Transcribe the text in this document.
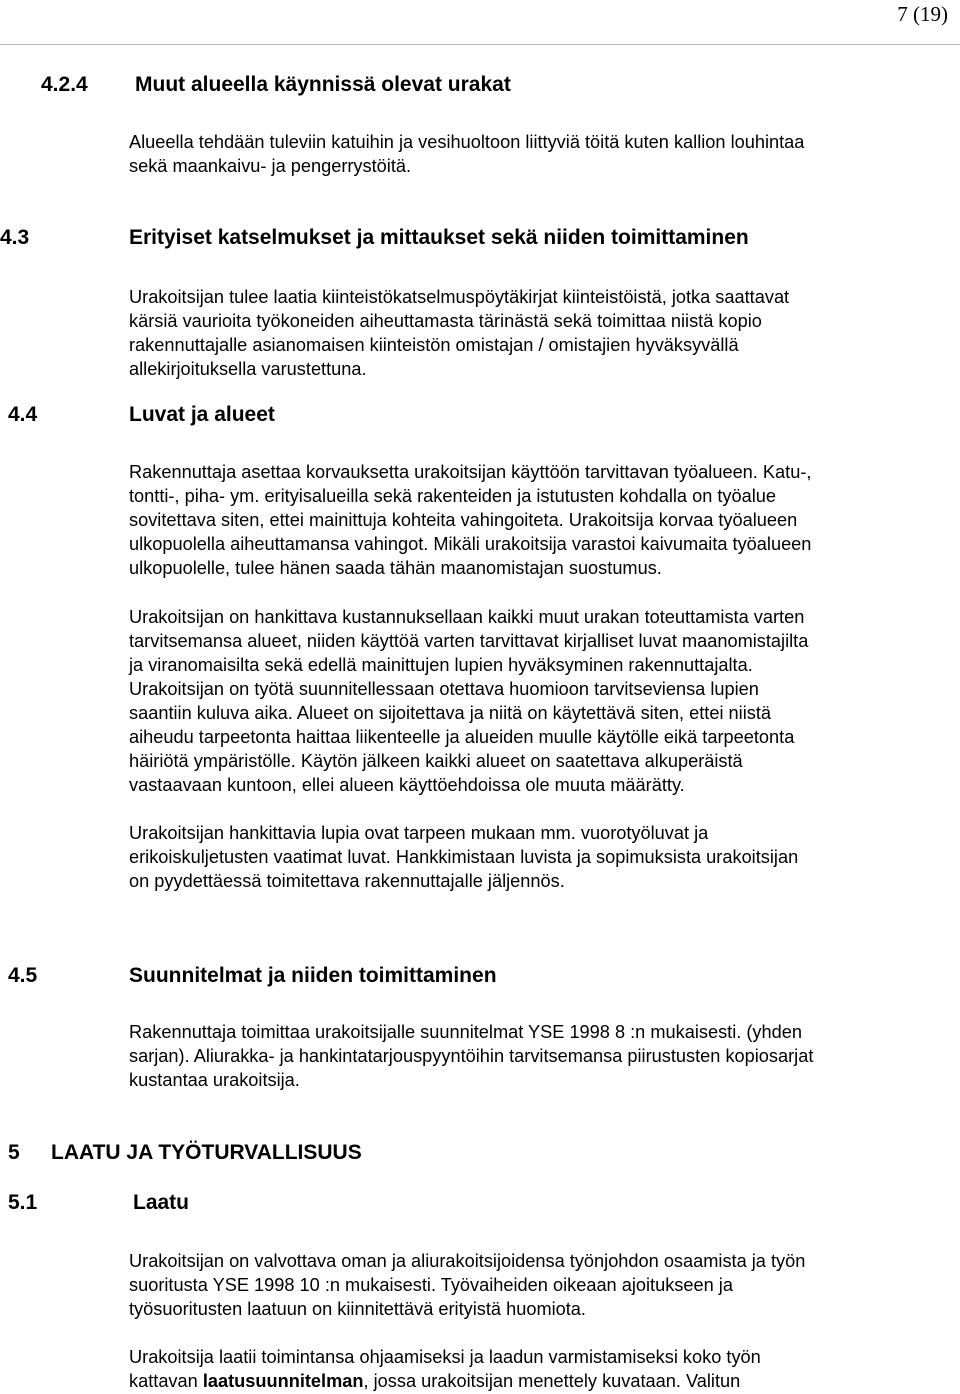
7 (19)
4.2.4 Muut alueella käynnissä olevat urakat

Alueella tehdään tuleviin katuihin ja vesihuoltoon liittyviä töitä kuten kallion louhintaa

sekä maankaivu- ja pengerrystöitä.

4.3	Erityiset katselmukset ja mittaukset sekä niiden toimittaminen

Urakoitsijan tulee laatia kiinteistökatselmuspöytäkirjat kiinteistöistä, jotka saattavat

kärsiä vaurioita työkoneiden aiheuttamasta tärinästä sekä toimittaa niistä kopio

rakennuttajalle asianomaisen kiinteistön omistajan / omistajien hyväksyvällä

allekirjoituksella varustettuna.

4.4	Luvat ja alueet

Rakennuttaja asettaa korvauksetta urakoitsijan käyttöön tarvittavan työalueen. Katu-,

tontti-, piha- ym. erityisalueilla sekä rakenteiden ja istutusten kohdalla on työalue

sovitettava siten, ettei mainittuja kohteita vahingoiteta. Urakoitsija korvaa työalueen

ulkopuolella aiheuttamansa vahingot. Mikäli urakoitsija varastoi kaivumaita työalueen

ulkopuolelle, tulee hänen saada tähän maanomistajan suostumus.

Urakoitsijan on hankittava kustannuksellaan kaikki muut urakan toteuttamista varten

tarvitsemansa alueet, niiden käyttöä varten tarvittavat kirjalliset luvat maanomistajilta

ja viranomaisilta sekä edellä mainittujen lupien hyväksyminen rakennuttajalta.

Urakoitsijan on työtä suunnitellessaan otettava huomioon tarvitseviensa lupien

saantiin kuluva aika. Alueet on sijoitettava ja niitä on käytettävä siten, ettei niistä

aiheudu tarpeetonta haittaa liikenteelle ja alueiden muulle käytölle eikä tarpeetonta

häiriötä ympäristölle. Käytön jälkeen kaikki alueet on saatettava alkuperäistä

vastaavaan kuntoon, ellei alueen käyttöehdoissa ole muuta määrätty.

Urakoitsijan hankittavia lupia ovat tarpeen mukaan mm. vuorotyöluvat ja

erikoiskuljetusten vaatimat luvat. Hankkimistaan luvista ja sopimuksista urakoitsijan

on pyydettäessä toimitettava rakennuttajalle jäljennös.

4.5	Suunnitelmat ja niiden toimittaminen

Rakennuttaja toimittaa urakoitsijalle suunnitelmat YSE 1998 8 :n mukaisesti. (yhden

sarjan). Aliurakka- ja hankintatarjouspyyntöihin tarvitsemansa piirustusten kopiosarjat

kustantaa urakoitsija.

5 LAATU JA TYÖTURVALLISUUS
5.1	Laatu

Urakoitsijan on valvottava oman ja aliurakoitsijoidensa työnjohdon osaamista ja työn

suoritusta YSE 1998 10 :n mukaisesti. Työvaiheiden oikeaan ajoitukseen ja

työsuoritusten laatuun on kiinnitettävä erityistä huomiota.

Urakoitsija laatii toimintansa ohjaamiseksi ja laadun varmistamiseksi koko työn

kattavan laatusuunnitelman, jossa urakoitsijan menettely kuvataan. Valitun
